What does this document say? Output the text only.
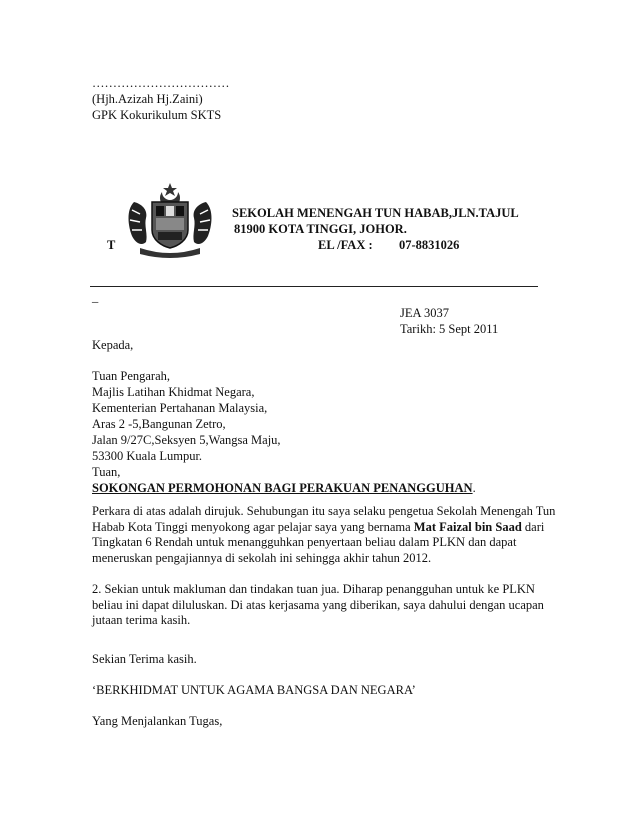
……………………………
(Hjh.Azizah Hj.Zaini)
GPK Kokurikulum SKTS
SEKOLAH MENENGAH TUN HABAB,JLN.TAJUL
81900 KOTA TINGGI, JOHOR.
T	EL /FAX : 07-8831026
_
JEA 3037
Tarikh: 5 Sept 2011
Kepada,
Tuan Pengarah,
Majlis Latihan Khidmat Negara,
Kementerian Pertahanan Malaysia,
Aras 2 -5,Bangunan Zetro,
Jalan 9/27C,Seksyen 5,Wangsa Maju,
53300 Kuala Lumpur.
Tuan,
SOKONGAN PERMOHONAN BAGI PERAKUAN PENANGGUHAN.
Perkara di atas adalah dirujuk. Sehubungan itu saya selaku pengetua Sekolah Menengah Tun Habab Kota Tinggi menyokong agar pelajar saya yang bernama Mat Faizal bin Saad dari Tingkatan 6 Rendah untuk menangguhkan penyertaan beliau dalam PLKN dan dapat meneruskan pengajiannya di sekolah ini sehingga akhir tahun 2012.
2. Sekian untuk makluman dan tindakan tuan jua. Diharap penangguhan untuk ke PLKN beliau ini dapat diluluskan. Di atas kerjasama yang diberikan, saya dahului dengan ucapan jutaan terima kasih.
Sekian Terima kasih.
‘BERKHIDMAT UNTUK AGAMA BANGSA DAN NEGARA’
Yang Menjalankan Tugas,
